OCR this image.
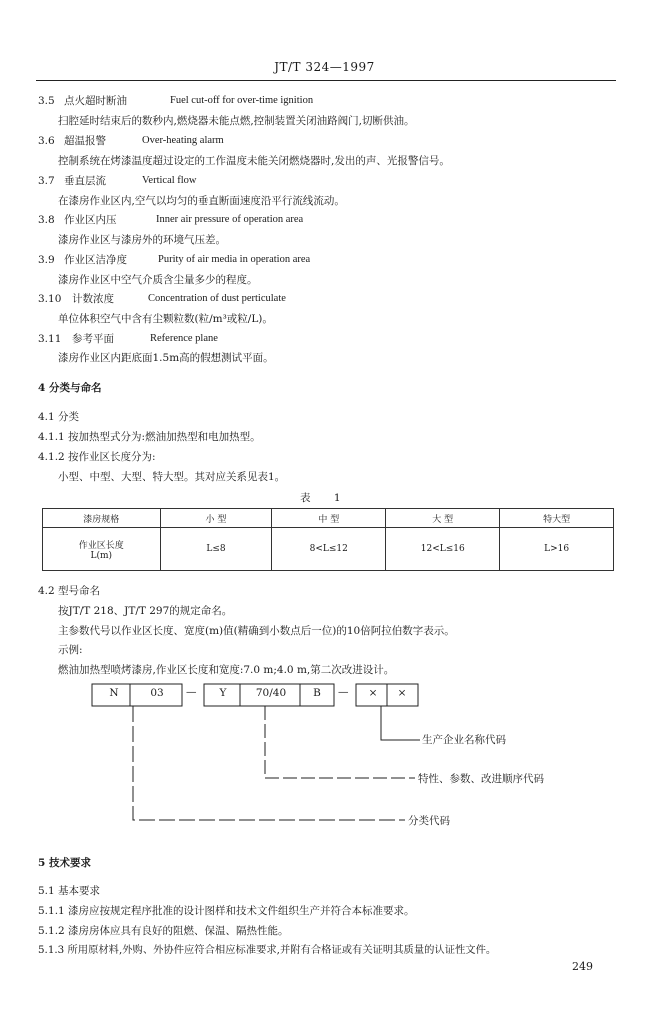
JT/T 324—1997
3.5 点火超时断油	Fuel cut-off for over-time ignition
扫腔延时结束后的数秒内,燃烧器未能点燃,控制装置关闭油路阀门,切断供油。
3.6 超温报警	Over-heating alarm
控制系统在烤漆温度超过设定的工作温度未能关闭燃烧器时,发出的声、光报警信号。
3.7 垂直层流	Vertical flow
在漆房作业区内,空气以均匀的垂直断面速度沿平行流线流动。
3.8 作业区内压	Inner air pressure of operation area
漆房作业区与漆房外的环境气压差。
3.9 作业区洁净度	Purity of air media in operation area
漆房作业区中空气介质含尘量多少的程度。
3.10 计数浓度	Concentration of dust perticulate
单位体积空气中含有尘颗粒数(粒/m³或粒/L)。
3.11 参考平面	Reference plane
漆房作业区内距底面1.5m高的假想测试平面。
4 分类与命名
4.1 分类
4.1.1 按加热型式分为:燃油加热型和电加热型。
4.1.2 按作业区长度分为:
小型、中型、大型、特大型。其对应关系见表1。
表 1
漆房规格	小 型	中 型	大 型	特大型

作业区长度
L(m)	L≤8	8<L≤12	12<L≤16	L>16
4.2 型号命名
按JT/T 218、JT/T 297的规定命名。
主参数代号以作业区长度、宽度(m)值(精确到小数点后一位)的10倍阿拉伯数字表示。
示例:
燃油加热型喷烤漆房,作业区长度和宽度:7.0 m;4.0 m,第二次改进设计。
N	03	—	Y	70/40	B	—	×	×
生产企业名称代码
特性、参数、改进顺序代码
分类代码
5 技术要求
5.1 基本要求
5.1.1 漆房应按规定程序批准的设计图样和技术文件组织生产并符合本标准要求。
5.1.2 漆房房体应具有良好的阻燃、保温、隔热性能。
5.1.3 所用原材料,外购、外协件应符合相应标准要求,并附有合格证或有关证明其质量的认证性文件。
249
